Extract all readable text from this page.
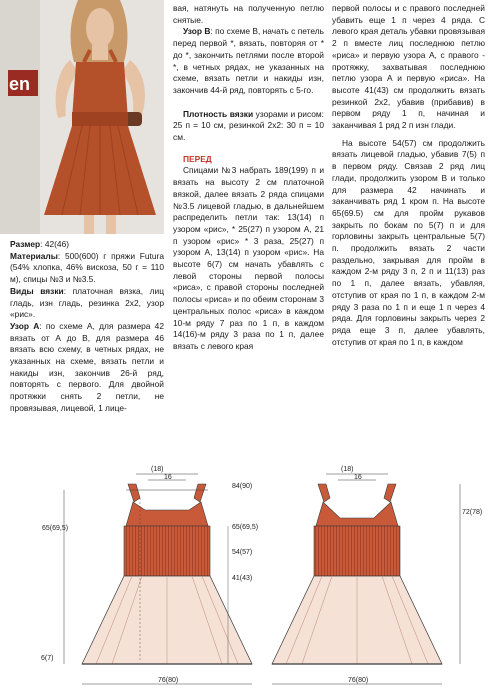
en

Размер: 42(46)

Материалы: 500(600) г пряжи Futura (54% хлопка, 46% вискоза, 50 г = 110 м), спицы №3 и №3.5.

Виды вязки: платочная вязка, лиц гладь, изн гладь, резинка 2х2, узор «рис».

Узор А: по схеме А, для размера 42 вязать от А до В, для размера 46 вязать всю схему, в четных рядах, не указанных на схеме, вязать петли и накиды изн, закончив 26-й ряд, повторять с первого. Для двойной протяжки снять 2 петли, не провязывая, лицевой, 1 лице-

вая, натянуть на полученную петлю снятые.

Узор В: по схеме В, начать с петель перед первой *, вязать, повторяя от * до *, закончить петлями после второй *, в четных рядах, не указанных на схеме, вязать петли и накиды изн, закончив 44-й ряд, повторять с 5-го.

Плотность вязки узорами и рисом: 25 п = 10 см, резинкой 2х2: 30 п = 10 см.

ПЕРЕД

Спицами №3 набрать 189(199) п и вязать на высоту 2 см платочной вязкой, далее вязать 2 ряда спицами №3.5 лицевой гладью, в дальнейшем распределить петли так: 13(14) п узором «рис», * 25(27) п узором А, 21 п узором «рис» * 3 раза, 25(27) п узором А, 13(14) п узором «рис». На высоте 6(7) см начать убавлять с левой стороны первой полосы «риса», с правой стороны последней полосы «риса» и по обеим сторонам 3 центральных полос «риса» в каждом 10-м ряду 7 раз по 1 п, в каждом 14(16)-м ряду 3 раза по 1 п, далее вязать с левого края

первой полосы и с правого последней убавить еще 1 п через 4 ряда. С левого края деталь убавки провязывая 2 п вместе лиц последнюю петлю «риса» и первую узора А, с правого - протяжку, захватывая последнюю петлю узора А и первую «риса». На высоте 41(43) см продолжить вязать резинкой 2х2, убавив (прибавив) в первом ряду 1 п, начиная и заканчивая 1 ряд 2 п изн глади.

На высоте 54(57) см продолжить вязать лицевой гладью, убавив 7(5) п в первом ряду. Связав 2 ряд лиц глади, продолжить узором В и только для размера 42 начинать и заканчивать ряд 1 кром п. На высоте 65(69.5) см для пройм рукавов закрыть по бокам по 5(7) п и для горловины закрыть центральные 5(7) п. продолжить вязать 2 части раздельно, закрывая для пройм в каждом 2-м ряду 3 п, 2 п и 11(13) раз по 1 п, далее вязать, убавляя, отступив от края по 1 п, в каждом 2-м ряду 3 раза по 1 п и еще 1 п через 4 ряда. Для горловины закрыть через 2 ряда еще 3 п, далее убавлять, отступив от края по 1 п, в каждом

(18)
16
84(90)
65(69,5)	65(69,5)
54(57)
41(43)
6(7)
76(80)
(18)
16
72(78)
76(80)
